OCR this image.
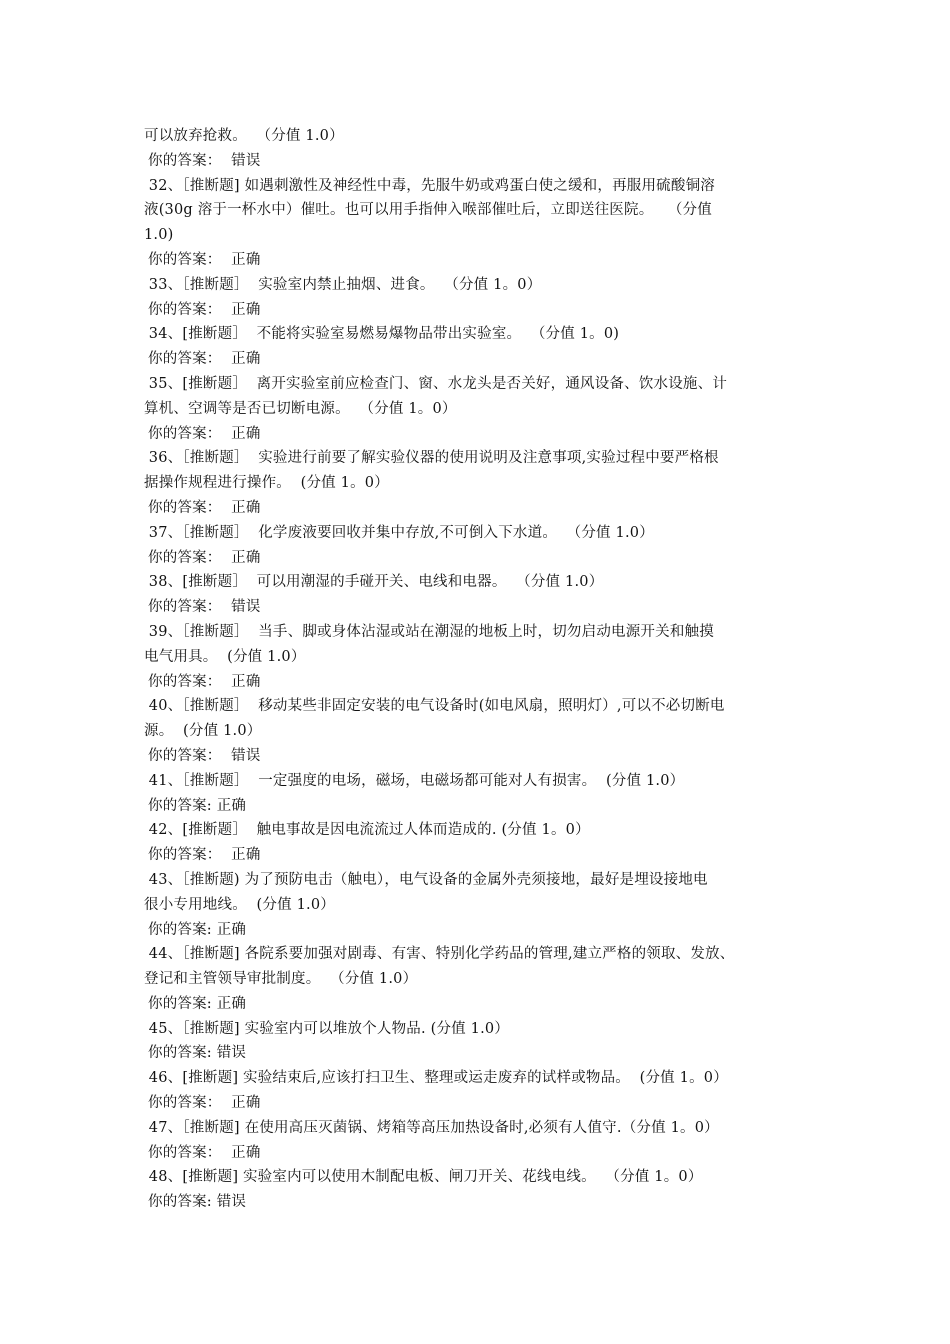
可以放弃抢救。  （分值 1.0）
你的答案：  错误
32、［推断题] 如遇刺激性及神经性中毒，先服牛奶或鸡蛋白使之缓和，再服用硫酸铜溶
液(30g 溶于一杯水中）催吐。也可以用手指伸入喉部催吐后，立即送往医院。   （分值
1.0)
你的答案：  正确
33、［推断题］  实验室内禁止抽烟、进食。  （分值 1。0）
你的答案：  正确
34、[推断题］  不能将实验室易燃易爆物品带出实验室。  （分值 1。0)
你的答案：  正确
35、[推断题］  离开实验室前应检查门、窗、水龙头是否关好，通风设备、饮水设施、计
算机、空调等是否已切断电源。  （分值 1。0）
你的答案：  正确
36、［推断题］  实验进行前要了解实验仪器的使用说明及注意事项,实验过程中要严格根
据操作规程进行操作。  (分值 1。0）
你的答案：  正确
37、［推断题］  化学废液要回收并集中存放,不可倒入下水道。  （分值 1.0）
你的答案：  正确
38、[推断题］  可以用潮湿的手碰开关、电线和电器。  （分值 1.0）
你的答案：  错误
39、［推断题］  当手、脚或身体沾湿或站在潮湿的地板上时，切勿启动电源开关和触摸
电气用具。  (分值 1.0）
你的答案：  正确
40、［推断题］  移动某些非固定安装的电气设备时(如电风扇，照明灯）,可以不必切断电
源。  (分值 1.0）
你的答案：  错误
41、［推断题］  一定强度的电场，磁场，电磁场都可能对人有损害。  (分值 1.0）
你的答案: 正确
42、[推断题］  触电事故是因电流流过人体而造成的. (分值 1。0）
你的答案：  正确
43、［推断题) 为了预防电击（触电），电气设备的金属外壳须接地，最好是埋设接地电
很小专用地线。  (分值 1.0）
你的答案: 正确
44、［推断题] 各院系要加强对剧毒、有害、特别化学药品的管理,建立严格的领取、发放、
登记和主管领导审批制度。  （分值 1.0）
你的答案: 正确
45、［推断题] 实验室内可以堆放个人物品. (分值 1.0）
你的答案: 错误
46、[推断题] 实验结束后,应该打扫卫生、整理或运走废弃的试样或物品。  (分值 1。0）
你的答案：  正确
47、［推断题] 在使用高压灭菌锅、烤箱等高压加热设备时,必须有人值守.（分值 1。0）
你的答案：  正确
48、[推断题] 实验室内可以使用木制配电板、闸刀开关、花线电线。  （分值 1。0）
你的答案: 错误
